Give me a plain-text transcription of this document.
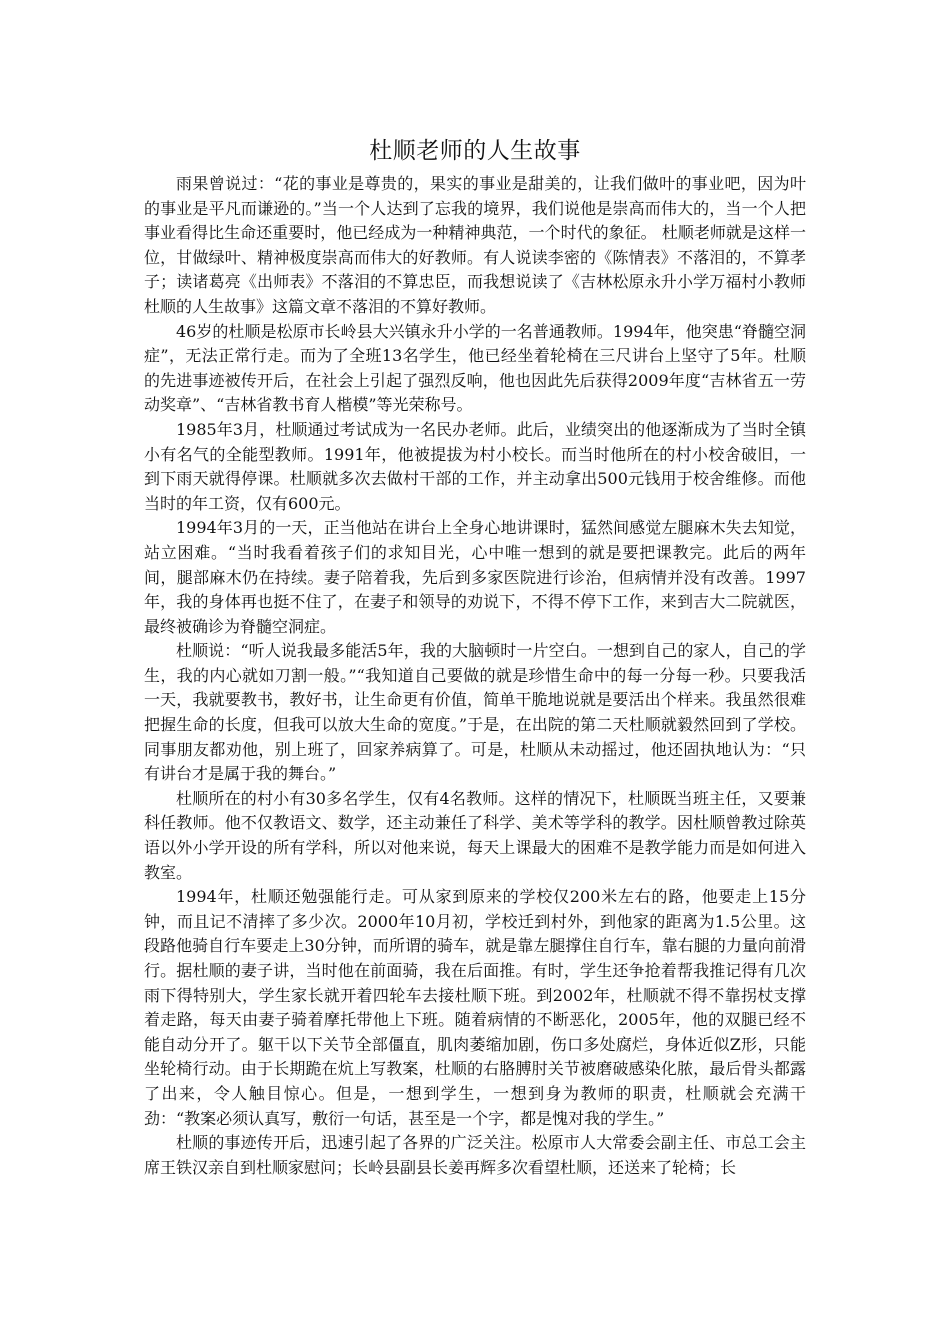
杜顺老师的人生故事

雨果曾说过：“花的事业是尊贵的，果实的事业是甜美的，让我们做叶的事业吧，因为叶的事业是平凡而谦逊的。”当一个人达到了忘我的境界，我们说他是崇高而伟大的，当一个人把事业看得比生命还重要时，他已经成为一种精神典范，一个时代的象征。 杜顺老师就是这样一位，甘做绿叶、精神极度崇高而伟大的好教师。有人说读李密的《陈情表》不落泪的，不算孝子；读诸葛亮《出师表》不落泪的不算忠臣，而我想说读了《吉林松原永升小学万福村小教师杜顺的人生故事》这篇文章不落泪的不算好教师。

46岁的杜顺是松原市长岭县大兴镇永升小学的一名普通教师。1994年，他突患“脊髓空洞症”，无法正常行走。而为了全班13名学生，他已经坐着轮椅在三尺讲台上坚守了5年。杜顺的先进事迹被传开后，在社会上引起了强烈反响，他也因此先后获得2009年度“吉林省五一劳动奖章”、“吉林省教书育人楷模”等光荣称号。

1985年3月，杜顺通过考试成为一名民办老师。此后，业绩突出的他逐渐成为了当时全镇小有名气的全能型教师。1991年，他被提拔为村小校长。而当时他所在的村小校舍破旧，一到下雨天就得停课。杜顺就多次去做村干部的工作，并主动拿出500元钱用于校舍维修。而他当时的年工资，仅有600元。

1994年3月的一天，正当他站在讲台上全身心地讲课时，猛然间感觉左腿麻木失去知觉，站立困难。“当时我看着孩子们的求知目光，心中唯一想到的就是要把课教完。此后的两年间，腿部麻木仍在持续。妻子陪着我，先后到多家医院进行诊治，但病情并没有改善。1997年，我的身体再也挺不住了，在妻子和领导的劝说下，不得不停下工作，来到吉大二院就医，最终被确诊为脊髓空洞症。

杜顺说：“听人说我最多能活5年，我的大脑顿时一片空白。一想到自己的家人，自己的学生，我的内心就如刀割一般。”“我知道自己要做的就是珍惜生命中的每一分每一秒。只要我活一天，我就要教书，教好书，让生命更有价值，简单干脆地说就是要活出个样来。我虽然很难把握生命的长度，但我可以放大生命的宽度。”于是，在出院的第二天杜顺就毅然回到了学校。同事朋友都劝他，别上班了，回家养病算了。可是，杜顺从未动摇过，他还固执地认为：“只有讲台才是属于我的舞台。”

杜顺所在的村小有30多名学生，仅有4名教师。这样的情况下，杜顺既当班主任，又要兼科任教师。他不仅教语文、数学，还主动兼任了科学、美术等学科的教学。因杜顺曾教过除英语以外小学开设的所有学科，所以对他来说，每天上课最大的困难不是教学能力而是如何进入教室。

1994年，杜顺还勉强能行走。可从家到原来的学校仅200米左右的路，他要走上15分钟，而且记不清摔了多少次。2000年10月初，学校迁到村外，到他家的距离为1.5公里。这段路他骑自行车要走上30分钟，而所谓的骑车，就是靠左腿撑住自行车，靠右腿的力量向前滑行。据杜顺的妻子讲，当时他在前面骑，我在后面推。有时，学生还争抢着帮我推记得有几次雨下得特别大，学生家长就开着四轮车去接杜顺下班。到2002年，杜顺就不得不靠拐杖支撑着走路，每天由妻子骑着摩托带他上下班。随着病情的不断恶化，2005年，他的双腿已经不能自动分开了。躯干以下关节全部僵直，肌肉萎缩加剧，伤口多处腐烂，身体近似Z形，只能坐轮椅行动。由于长期跪在炕上写教案，杜顺的右胳膊肘关节被磨破感染化脓，最后骨头都露了出来，令人触目惊心。但是，一想到学生，一想到身为教师的职责，杜顺就会充满干劲：“教案必须认真写，敷衍一句话，甚至是一个字，都是愧对我的学生。”

杜顺的事迹传开后，迅速引起了各界的广泛关注。松原市人大常委会副主任、市总工会主席王铁汉亲自到杜顺家慰问；长岭县副县长姜再辉多次看望杜顺，还送来了轮椅；长
